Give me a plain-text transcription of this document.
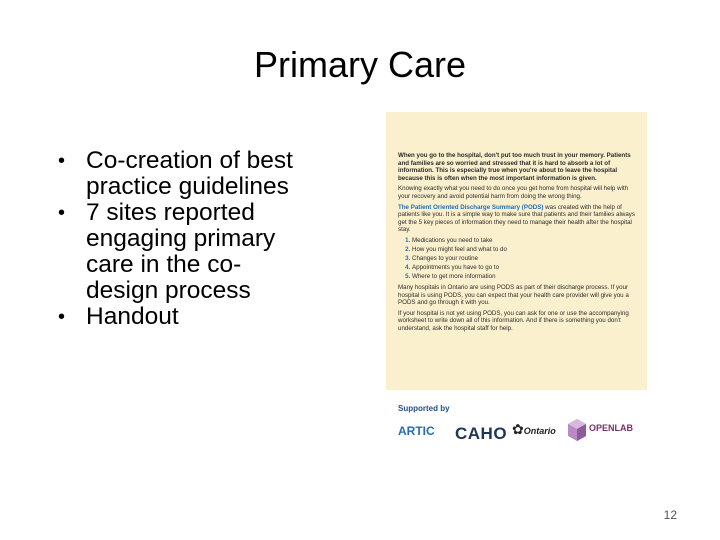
Primary Care
• Co-creation of best practice guidelines
• 7 sites reported engaging primary care in the co-design process
• Handout

When you go to the hospital, don't put too much trust in your memory. Patients and families are so worried and stressed that it is hard to absorb a lot of information. This is especially true when you're about to leave the hospital because this is often when the most important information is given.

Knowing exactly what you need to do once you get home from hospital will help with your recovery and avoid potential harm from doing the wrong thing.

The Patient Oriented Discharge Summary (PODS) was created with the help of patients like you. It is a simple way to make sure that patients and their families always get the 5 key pieces of information they need to manage their health after the hospital stay.

1. Medications you need to take
2. How you might feel and what to do
3. Changes to your routine
4. Appointments you have to go to
5. Where to get more information

Many hospitals in Ontario are using PODS as part of their discharge process. If your hospital is using PODS, you can expect that your health care provider will give you a PODS and go through it with you.

If your hospital is not yet using PODS, you can ask for one or use the accompanying worksheet to write down all of this information. And if there is something you don't understand, ask the hospital staff for help.

Supported by
ARTIC CAHO ✿Ontario	OPENLAB
12
